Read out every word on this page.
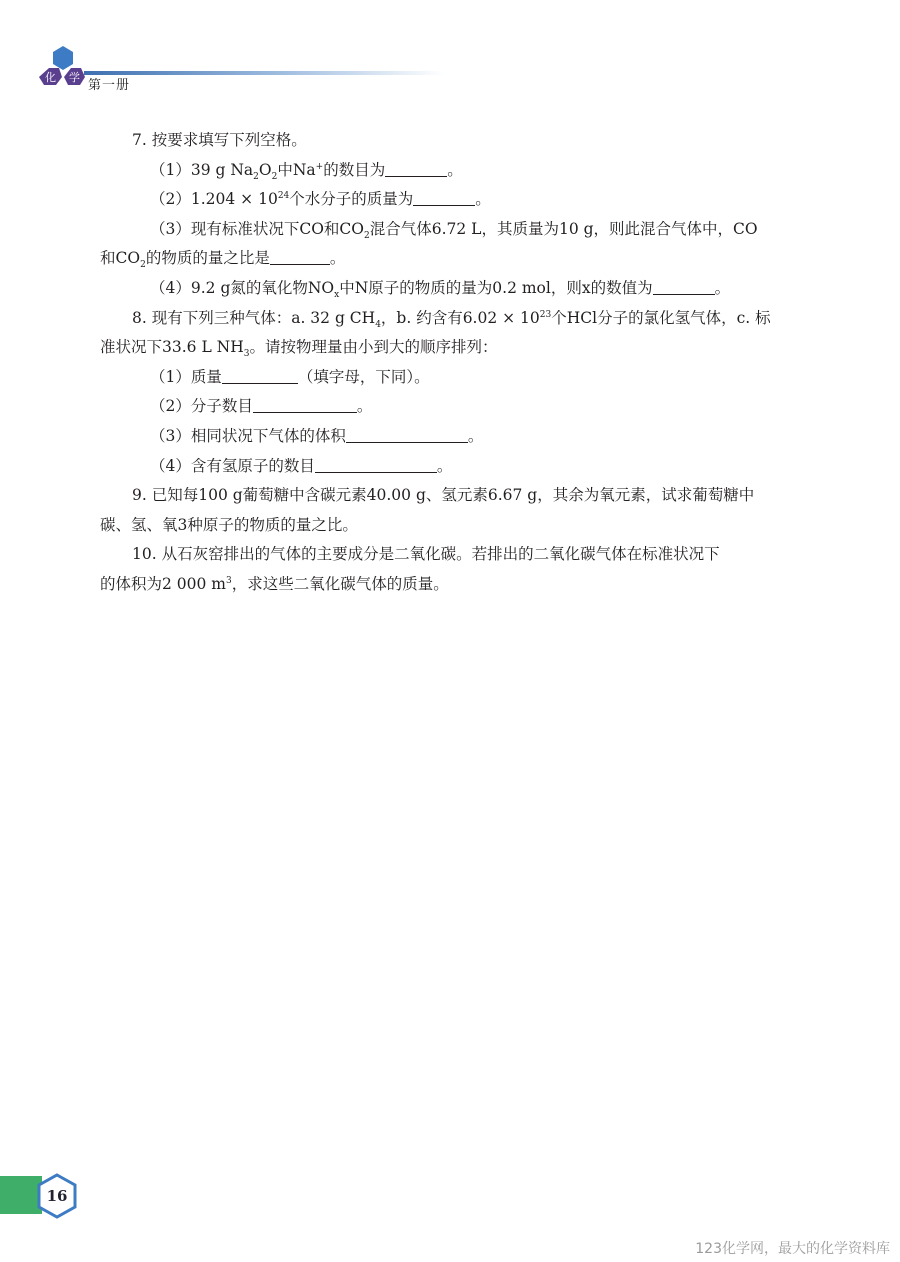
化 学
第一册

7. 按要求填写下列空格。

（1）39 g $Na_2O_2$中Na+的数目为	。

$(2)1.204 \times 10^{24}$个水分子的质量为	。

（3）现有标准状况下CO和$CO_2$混合气体6.72 L，其质量为10 g，则此混合气体中，CO

和$CO_2$的物质的量之比是	。

（4）9.2 g氮的氧化物$NO_x$中N原子的物质的量为0.2 mol，则x的数值为	。

8. 现有下列三种气体：a. 32 g $CH_4$，b. 约含有$6.02 \times 10^{23}$个HCl分子的氯化氢气体，c. 标

准状况下33.6 L $NH_3$。请按物理量由小到大的顺序排列：

（1）质量	（填字母，下同）。

（2）分子数目	。

（3）相同状况下气体的体积	。

（4）含有氢原子的数目	。

9. 已知每100 g葡萄糖中含碳元素40.00 g、氢元素6.67 g，其余为氧元素，试求葡萄糖中

碳、氢、氧3种原子的物质的量之比。

10. 从石灰窑排出的气体的主要成分是二氧化碳。若排出的二氧化碳气体在标准状况下

的体积为2 000 $m^3$，求这些二氧化碳气体的质量。

16
123化学网，最大的化学资料库
